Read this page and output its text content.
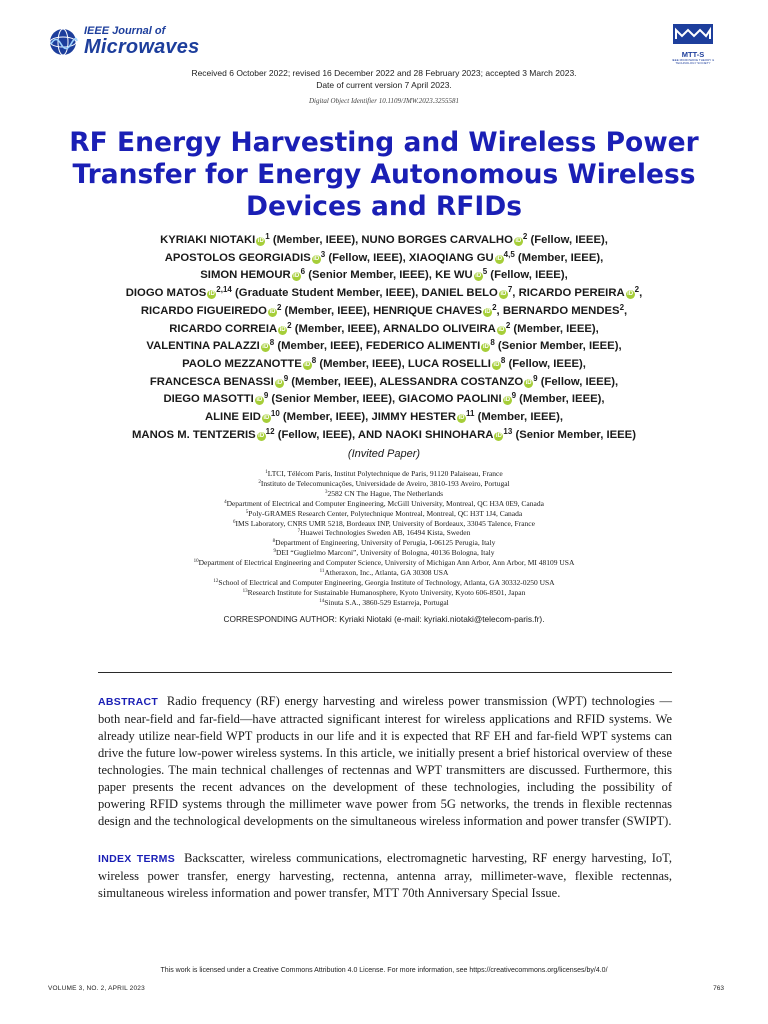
IEEE Journal of
Microwaves	MTT-S
IEEE MICROWAVE THEORY & TECHNOLOGY SOCIETY
Received 6 October 2022; revised 16 December 2022 and 28 February 2023; accepted 3 March 2023.
Date of current version 7 April 2023.
Digital Object Identifier 10.1109/JMW.2023.3255581
RF Energy Harvesting and Wireless Power Transfer for Energy Autonomous Wireless Devices and RFIDs
KYRIAKI NIOTAKI iD $^1$ (Member, IEEE), NUNO BORGES CARVALHO iD $^2$ (Fellow, IEEE),
APOSTOLOS GEORGIADIS iD $^3$ (Fellow, IEEE), XIAOQIANG GU iD $^{4,5}$ (Member, IEEE),
SIMON HEMOUR iD $^6$ (Senior Member, IEEE), KE WU iD $^5$ (Fellow, IEEE),
DIOGO MATOS iD $^{2,14}$ (Graduate Student Member, IEEE), DANIEL BELO iD $^7$, RICARDO PEREIRA iD $^2$,
RICARDO FIGUEIREDO iD $^2$ (Member, IEEE), HENRIQUE CHAVES iD $^2$, BERNARDO MENDES$^2$,
RICARDO CORREIA iD $^2$ (Member, IEEE), ARNALDO OLIVEIRA iD $^2$ (Member, IEEE),
VALENTINA PALAZZI iD $^8$ (Member, IEEE), FEDERICO ALIMENTI iD $^8$ (Senior Member, IEEE),
PAOLO MEZZANOTTE iD $^8$ (Member, IEEE), LUCA ROSELLI iD $^8$ (Fellow, IEEE),
FRANCESCA BENASSI iD $^9$ (Member, IEEE), ALESSANDRA COSTANZO iD $^9$ (Fellow, IEEE),
DIEGO MASOTTI iD $^9$ (Senior Member, IEEE), GIACOMO PAOLINI iD $^9$ (Member, IEEE),
ALINE EID iD $^{10}$ (Member, IEEE), JIMMY HESTER iD $^{11}$ (Member, IEEE),
MANOS M. TENTZERIS iD $^{12}$ (Fellow, IEEE), AND NAOKI SHINOHARA iD $^{13}$ (Senior Member, IEEE)
(Invited Paper)
$^1$LTCI, Télécom Paris, Institut Polytechnique de Paris, 91120 Palaiseau, France
$^2$Instituto de Telecomunicações, Universidade de Aveiro, 3810-193 Aveiro, Portugal
$^3$2582 CN The Hague, The Netherlands
$^4$Department of Electrical and Computer Engineering, McGill University, Montreal, QC H3A 0E9, Canada
$^5$Poly-GRAMES Research Center, Polytechnique Montreal, Montreal, QC H3T 1J4, Canada
$^6$IMS Laboratory, CNRS UMR 5218, Bordeaux INP, University of Bordeaux, 33045 Talence, France
$^7$Huawei Technologies Sweden AB, 16494 Kista, Sweden
$^8$Department of Engineering, University of Perugia, I-06125 Perugia, Italy
$^9$DEI “Guglielmo Marconi”, University of Bologna, 40136 Bologna, Italy
$^{10}$Department of Electrical Engineering and Computer Science, University of Michigan Ann Arbor, Ann Arbor, MI 48109 USA
$^{11}$Atheraxon, Inc., Atlanta, GA 30308 USA
$^{12}$School of Electrical and Computer Engineering, Georgia Institute of Technology, Atlanta, GA 30332-0250 USA
$^{13}$Research Institute for Sustainable Humanosphere, Kyoto University, Kyoto 606-8501, Japan
$^{14}$Sinuta S.A., 3860-529 Estarreja, Portugal
CORRESPONDING AUTHOR: Kyriaki Niotaki (e-mail: kyriaki.niotaki@telecom-paris.fr).
ABSTRACT Radio frequency (RF) energy harvesting and wireless power transmission (WPT) technologies —both near-field and far-field—have attracted significant interest for wireless applications and RFID systems. We already utilize near-field WPT products in our life and it is expected that RF EH and far-field WPT systems can drive the future low-power wireless systems. In this article, we initially present a brief historical overview of these technologies. The main technical challenges of rectennas and WPT transmitters are discussed. Furthermore, this paper presents the recent advances on the development of these technologies, including the possibility of powering RFID systems through the millimeter wave power from 5G networks, the trends in flexible rectennas design and the technological developments on the simultaneous wireless information and power transfer (SWIPT).
INDEX TERMS Backscatter, wireless communications, electromagnetic harvesting, RF energy harvesting, IoT, wireless power transfer, energy harvesting, rectenna, antenna array, millimeter-wave, flexible rectennas, simultaneous wireless information and power transfer, MTT 70th Anniversary Special Issue.
This work is licensed under a Creative Commons Attribution 4.0 License. For more information, see https://creativecommons.org/licenses/by/4.0/
VOLUME 3, NO. 2, APRIL 2023	763
